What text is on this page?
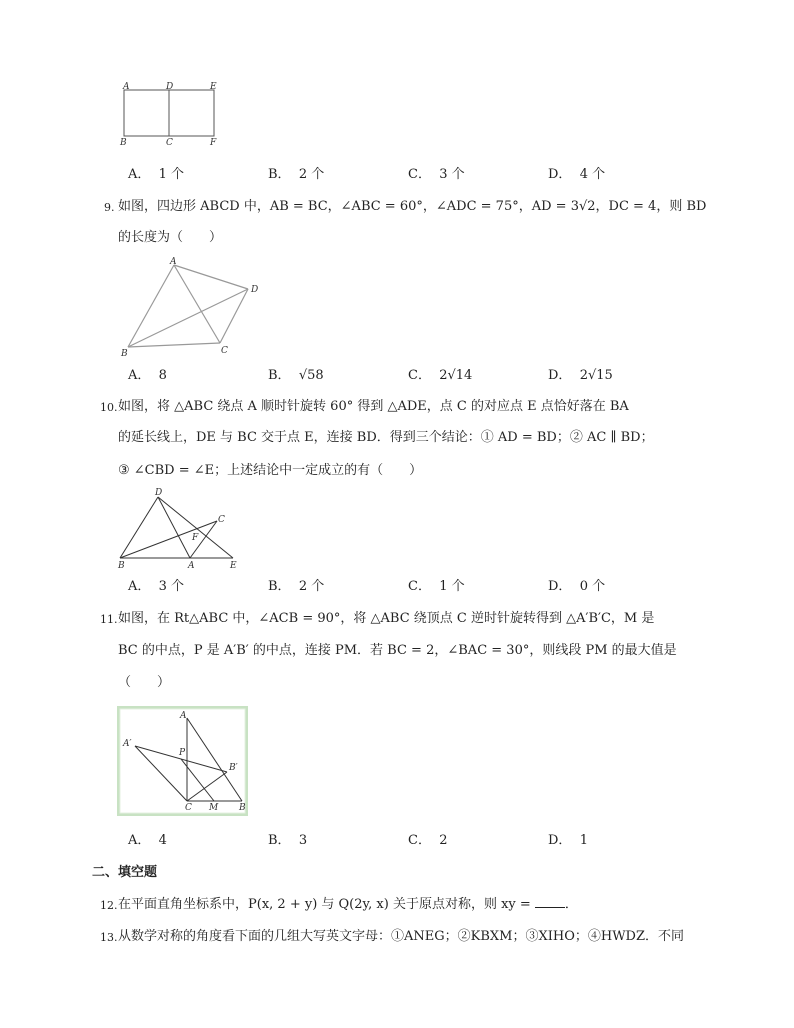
A	D	E
B	C	F
A． 1 个	B． 2 个	C． 3 个	D． 4 个
9. 如图，四边形 ABCD 中，AB = BC，∠ABC = 60°，∠ADC = 75°，AD = 3√2，DC = 4，则 BD
的长度为（　　）
A
B	C
D
A． 8	B． √58	C． 2√14	D． 2√15
10. 如图，将 △ABC 绕点 A 顺时针旋转 60° 得到 △ADE，点 C 的对应点 E 点恰好落在 BA
的延长线上，DE 与 BC 交于点 E，连接 BD．得到三个结论：① AD = BD；② AC ∥ BD；
③ ∠CBD = ∠E；上述结论中一定成立的有（　　）
D
C
F
B	A	E
A． 3 个	B． 2 个	C． 1 个	D． 0 个
11. 如图，在 Rt△ABC 中，∠ACB = 90°，将 △ABC 绕顶点 C 逆时针旋转得到 △A′B′C，M 是
BC 的中点，P 是 A′B′ 的中点，连接 PM．若 BC = 2，∠BAC = 30°，则线段 PM 的最大值是
（　　）
A
A′
P
B′
C M B
A． 4	B． 3	C． 2	D． 1
二、填空题
12. 在平面直角坐标系中，P(x, 2 + y) 与 Q(2y, x) 关于原点对称，则 xy =	．
13. 从数学对称的角度看下面的几组大写英文字母：①ANEG；②KBXM；③XIHO；④HWDZ．不同
